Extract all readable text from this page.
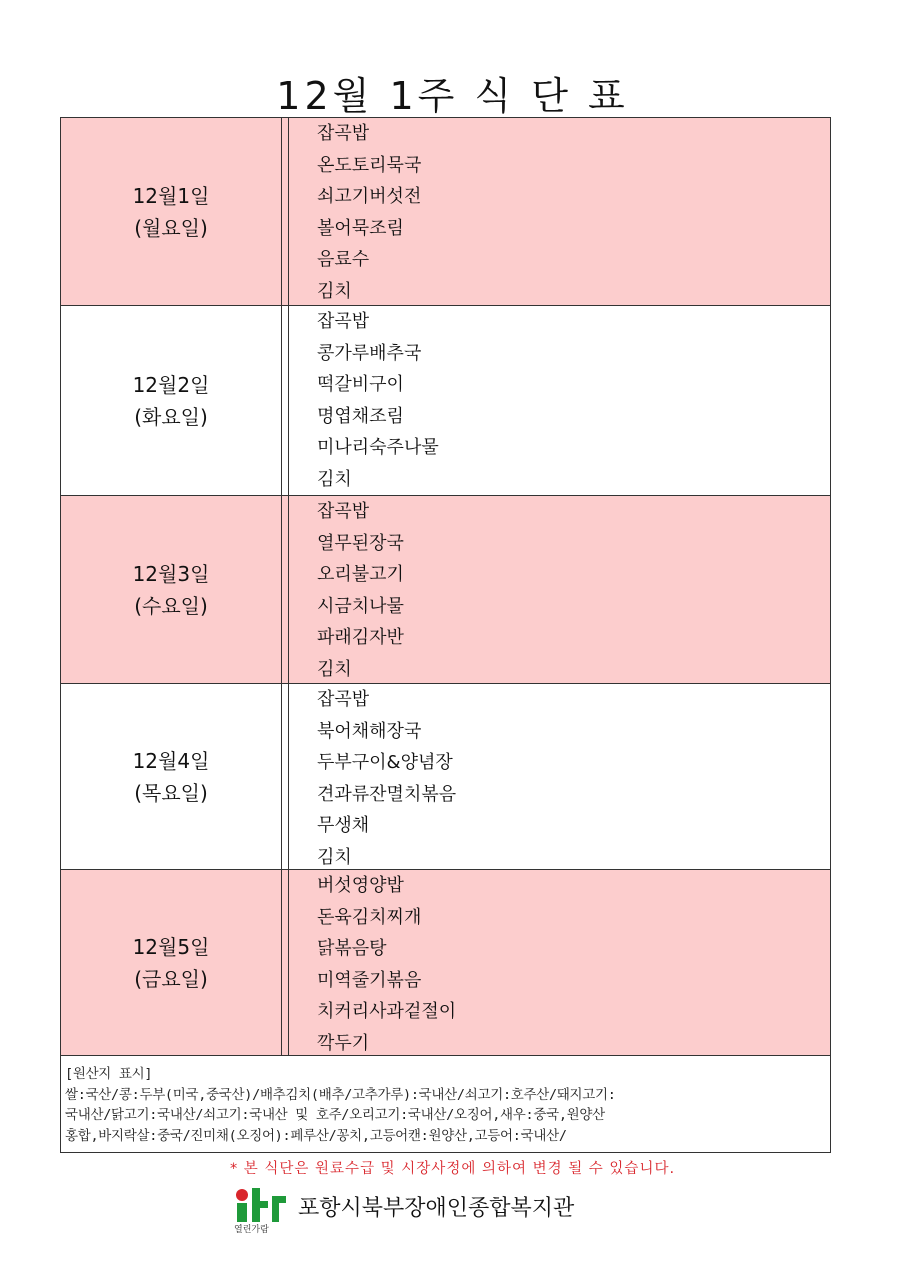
12월 1주 식 단 표
12월1일
(월요일)
잡곡밥
온도토리묵국
쇠고기버섯전
볼어묵조림
음료수
김치
12월2일
(화요일)
잡곡밥
콩가루배추국
떡갈비구이
명엽채조림
미나리숙주나물
김치
12월3일
(수요일)
잡곡밥
열무된장국
오리불고기
시금치나물
파래김자반
김치
12월4일
(목요일)
잡곡밥
북어채해장국
두부구이&양념장
견과류잔멸치볶음
무생채
김치
12월5일
(금요일)
버섯영양밥
돈육김치찌개
닭볶음탕
미역줄기볶음
치커리사과겉절이
깍두기
[원산지 표시]
쌀:국산/콩:두부(미국,중국산)/배추김치(배추/고추가루):국내산/쇠고기:호주산/돼지고기:
국내산/닭고기:국내산/쇠고기:국내산 및 호주/오리고기:국내산/오징어,새우:중국,원양산
홍합,바지락살:중국/진미채(오징어):페루산/꽁치,고등어캔:원양산,고등어:국내산/
* 본 식단은 원료수급 및 시장사정에 의하여 변경 될 수 있습니다.
열린가람
포항시북부장애인종합복지관
